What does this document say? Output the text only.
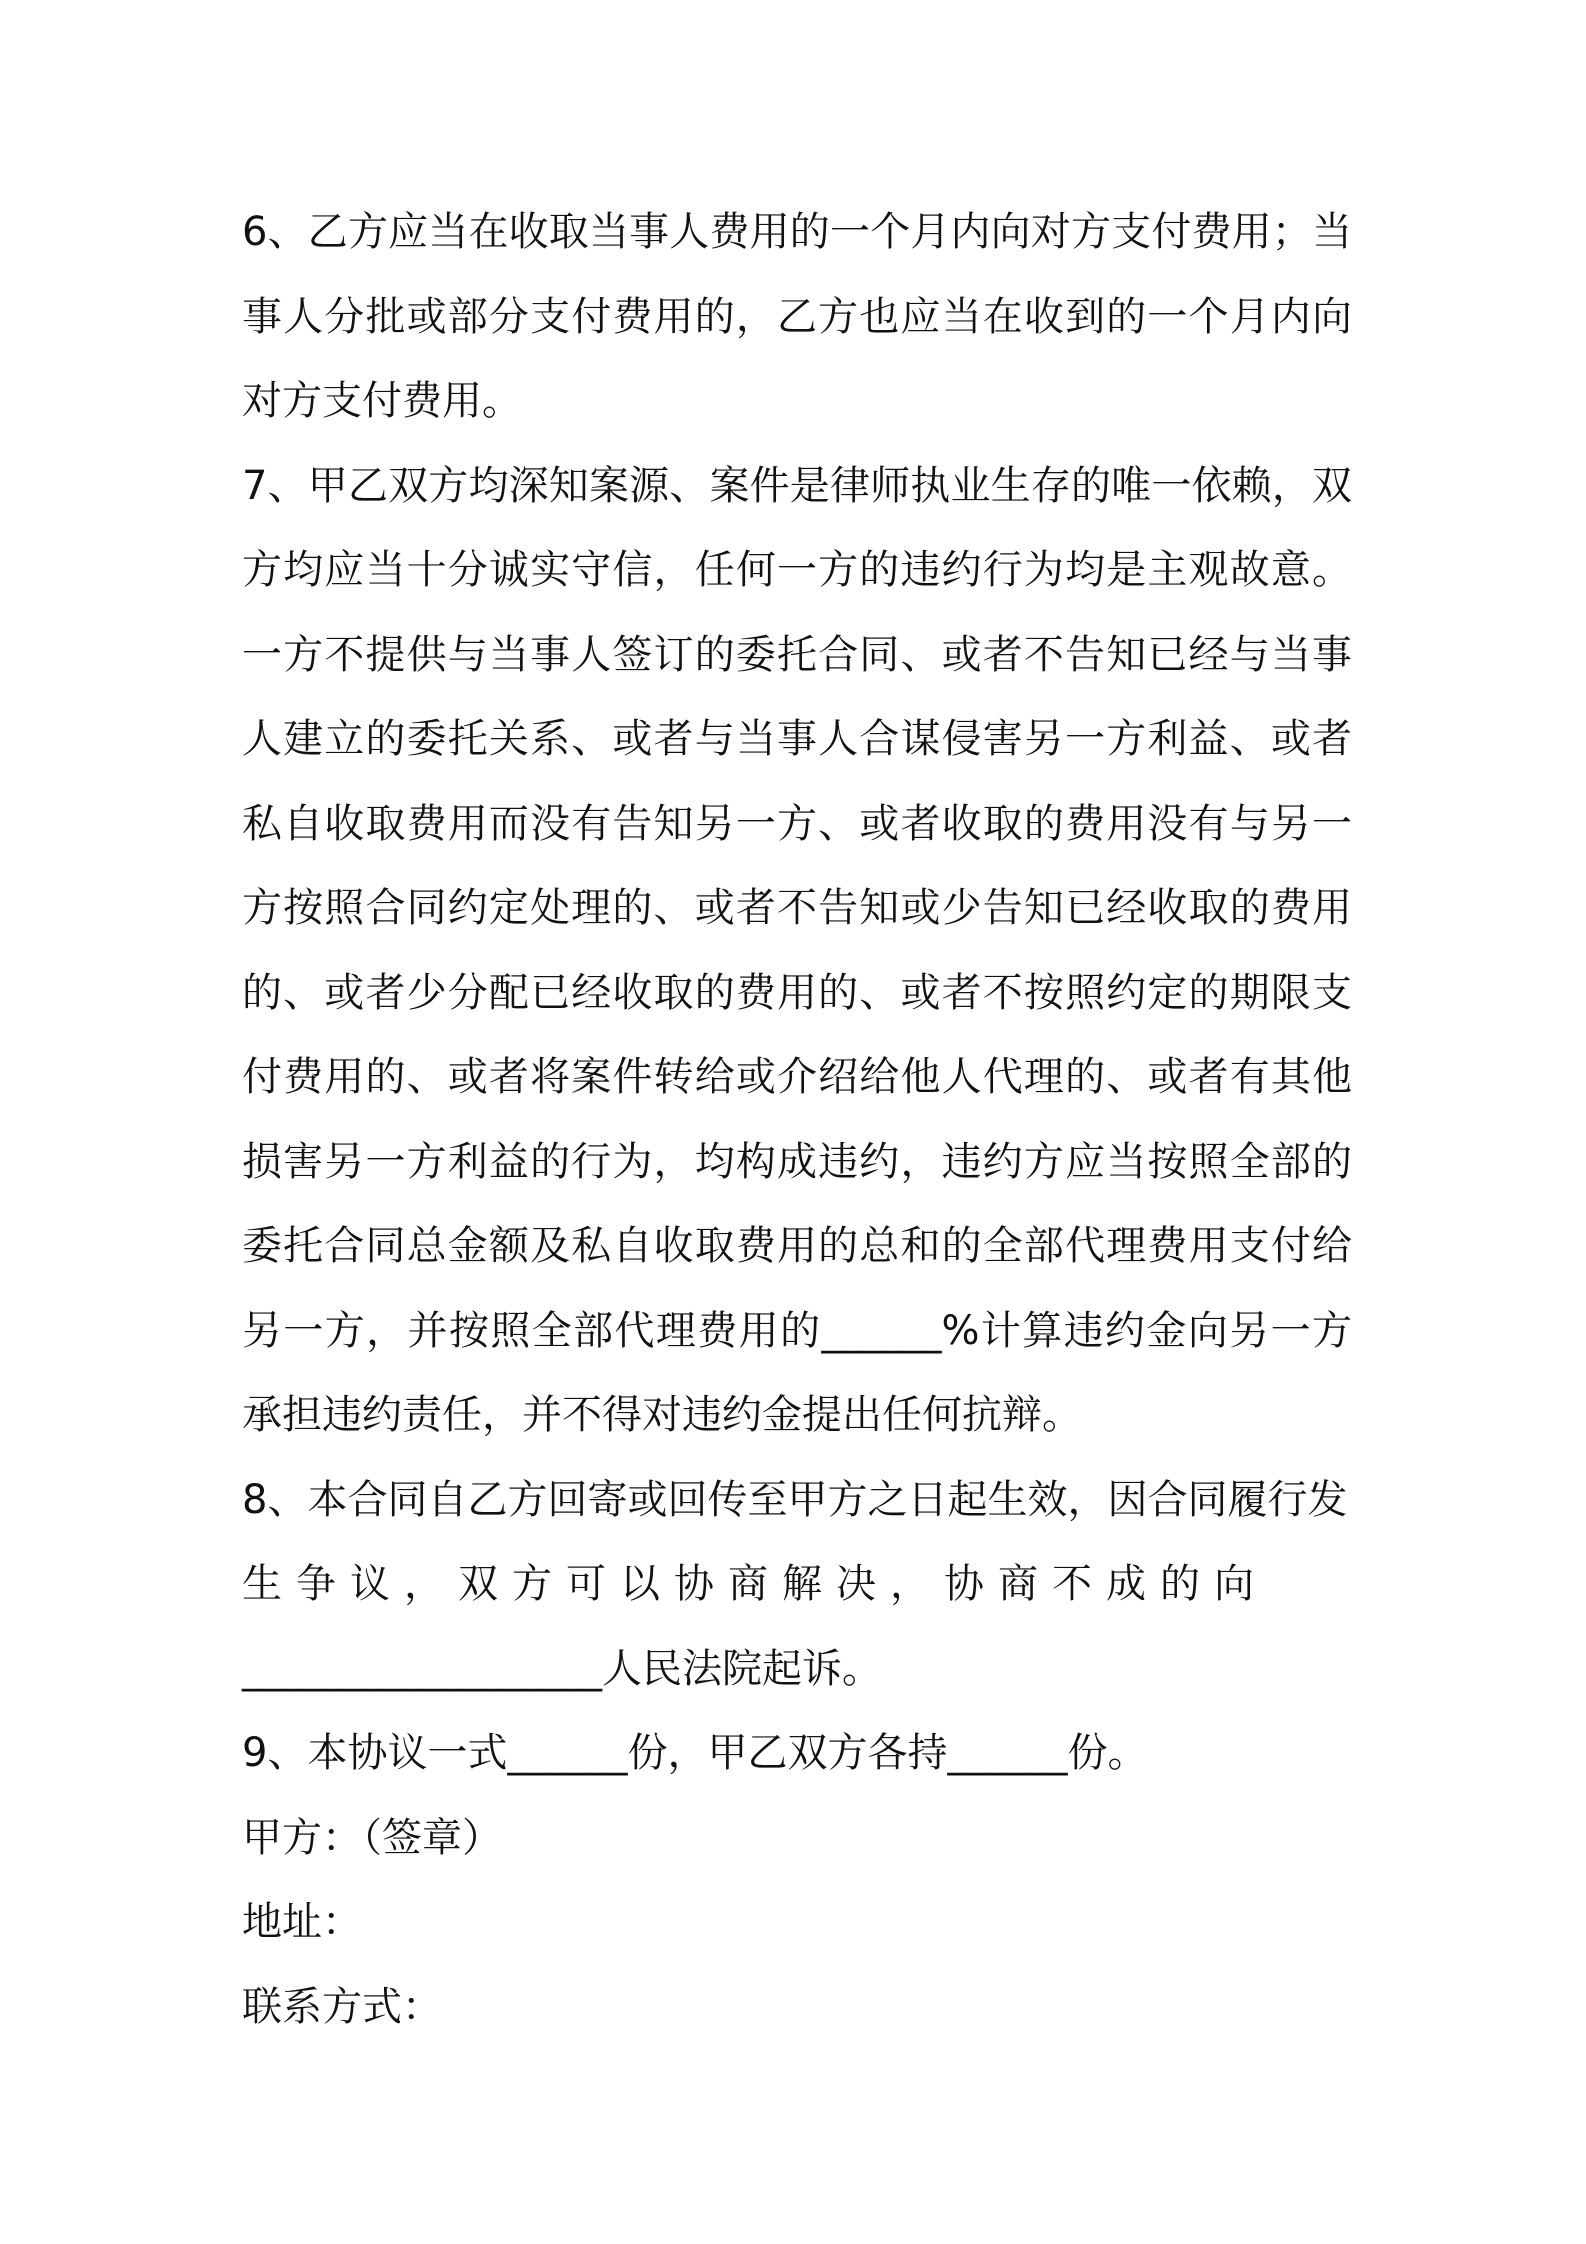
6、乙方应当在收取当事人费用的一个月内向对方支付费用；当事人分批或部分支付费用的，乙方也应当在收到的一个月内向对方支付费用。

7、甲乙双方均深知案源、案件是律师执业生存的唯一依赖，双方均应当十分诚实守信，任何一方的违约行为均是主观故意。一方不提供与当事人签订的委托合同、或者不告知已经与当事人建立的委托关系、或者与当事人合谋侵害另一方利益、或者私自收取费用而没有告知另一方、或者收取的费用没有与另一方按照合同约定处理的、或者不告知或少告知已经收取的费用的、或者少分配已经收取的费用的、或者不按照约定的期限支付费用的、或者将案件转给或介绍给他人代理的、或者有其他损害另一方利益的行为，均构成违约，违约方应当按照全部的委托合同总金额及私自收取费用的总和的全部代理费用支付给另一方，并按照全部代理费用的______%计算违约金向另一方承担违约责任，并不得对违约金提出任何抗辩。

8、本合同自乙方回寄或回传至甲方之日起生效，因合同履行发
生争议，双方可以协商解决，协商不成的向
__________________人民法院起诉。

9、本协议一式______份，甲乙双方各持______份。

甲方：（签章）

地址：

联系方式：
